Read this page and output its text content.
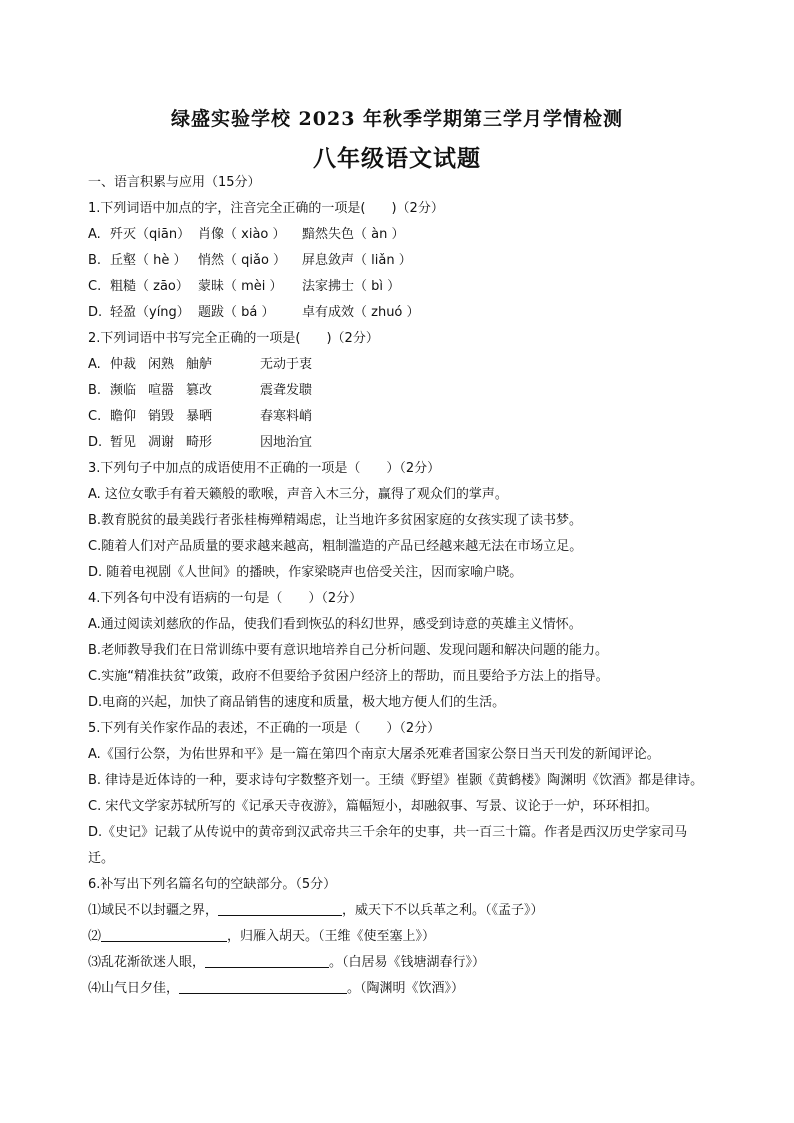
绿盛实验学校 2023 年秋季学期第三学月学情检测
八年级语文试题
一、语言积累与应用（15分）
1.下列词语中加点的字，注音完全正确的一项是(　　)（2分）
A. 歼灭（qiān） 肖像（ xiào ） 黯然失色（ àn ）
B. 丘壑（ hè ） 悄然（ qiǎo ） 屏息敛声（ liǎn ）
C. 粗糙（ zāo） 蒙昧（ mèi ） 法家拂士（ bì ）
D. 轻盈（yíng） 题跋（ bá ） 卓有成效（ zhuó ）
2.下列词语中书写完全正确的一项是(　　)（2分）
A. 仲裁 闲熟 舳舻	无动于衷
B. 濒临 喧嚣 篡改	震聋发聩
C. 瞻仰 销毁 暴晒	春寒料峭
D. 暂见 凋谢 畸形	因地治宜
3.下列句子中加点的成语使用不正确的一项是（　　）（2分）
A. 这位女歌手有着天籁般的歌喉，声音入木三分，赢得了观众们的掌声。
B.教育脱贫的最美践行者张桂梅殚精竭虑，让当地许多贫困家庭的女孩实现了读书梦。
C.随着人们对产品质量的要求越来越高，粗制滥造的产品已经越来越无法在市场立足。
D. 随着电视剧《人世间》的播映，作家梁晓声也倍受关注，因而家喻户晓。
4.下列各句中没有语病的一句是（　　）（2分）
A.通过阅读刘慈欣的作品，使我们看到恢弘的科幻世界，感受到诗意的英雄主义情怀。
B.老师教导我们在日常训练中要有意识地培养自己分析问题、发现问题和解决问题的能力。
C.实施“精准扶贫”政策，政府不但要给予贫困户经济上的帮助，而且要给予方法上的指导。
D.电商的兴起，加快了商品销售的速度和质量，极大地方便人们的生活。
5.下列有关作家作品的表述，不正确的一项是（　　）（2分）
A.《国行公祭，为佑世界和平》是一篇在第四个南京大屠杀死难者国家公祭日当天刊发的新闻评论。
B. 律诗是近体诗的一种，要求诗句字数整齐划一。王绩《野望》崔颢《黄鹤楼》陶渊明《饮酒》都是律诗。
C. 宋代文学家苏轼所写的《记承天寺夜游》，篇幅短小，却融叙事、写景、议论于一炉，环环相扣。
D.《史记》记载了从传说中的黄帝到汉武帝共三千余年的史事，共一百三十篇。作者是西汉历史学家司马迁。
6.补写出下列名篇名句的空缺部分。（5分）
⑴域民不以封疆之界，	，威天下不以兵革之利。（《孟子》）
⑵	，归雁入胡天。（王维《使至塞上》）
⑶乱花渐欲迷人眼，	。（白居易《钱塘湖春行》）
⑷山气日夕佳，	。（陶渊明《饮酒》）
